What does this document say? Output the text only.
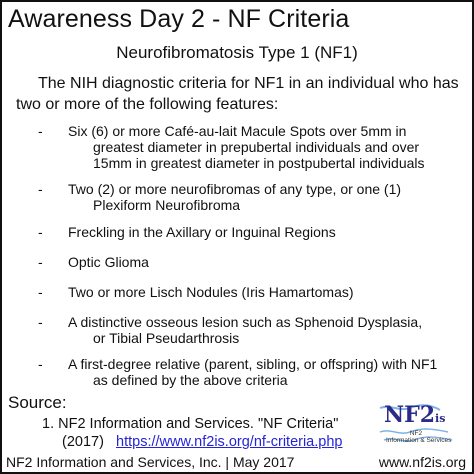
Awareness Day 2 - NF Criteria
Neurofibromatosis Type 1 (NF1)
The NIH diagnostic criteria for NF1 in an individual who has two or more of the following features:
- Six (6) or more Café-au-lait Macule Spots over 5mm in
greatest diameter in prepubertal individuals and over
15mm in greatest diameter in postpubertal individuals
- Two (2) or more neurofibromas of any type, or one (1)
Plexiform Neurofibroma
- Freckling in the Axillary or Inguinal Regions
- Optic Glioma
- Two or more Lisch Nodules (Iris Hamartomas)
- A distinctive osseous lesion such as Sphenoid Dysplasia,
or Tibial Pseudarthrosis
- A first-degree relative (parent, sibling, or offspring) with NF1
as defined by the above criteria
Source:
1. NF2 Information and Services. "NF Criteria"
(2017) https://www.nf2is.org/nf-criteria.php
NF2is
NF2
Information & Services
NF2 Information and Services, Inc. | May 2017	www.nf2is.org
